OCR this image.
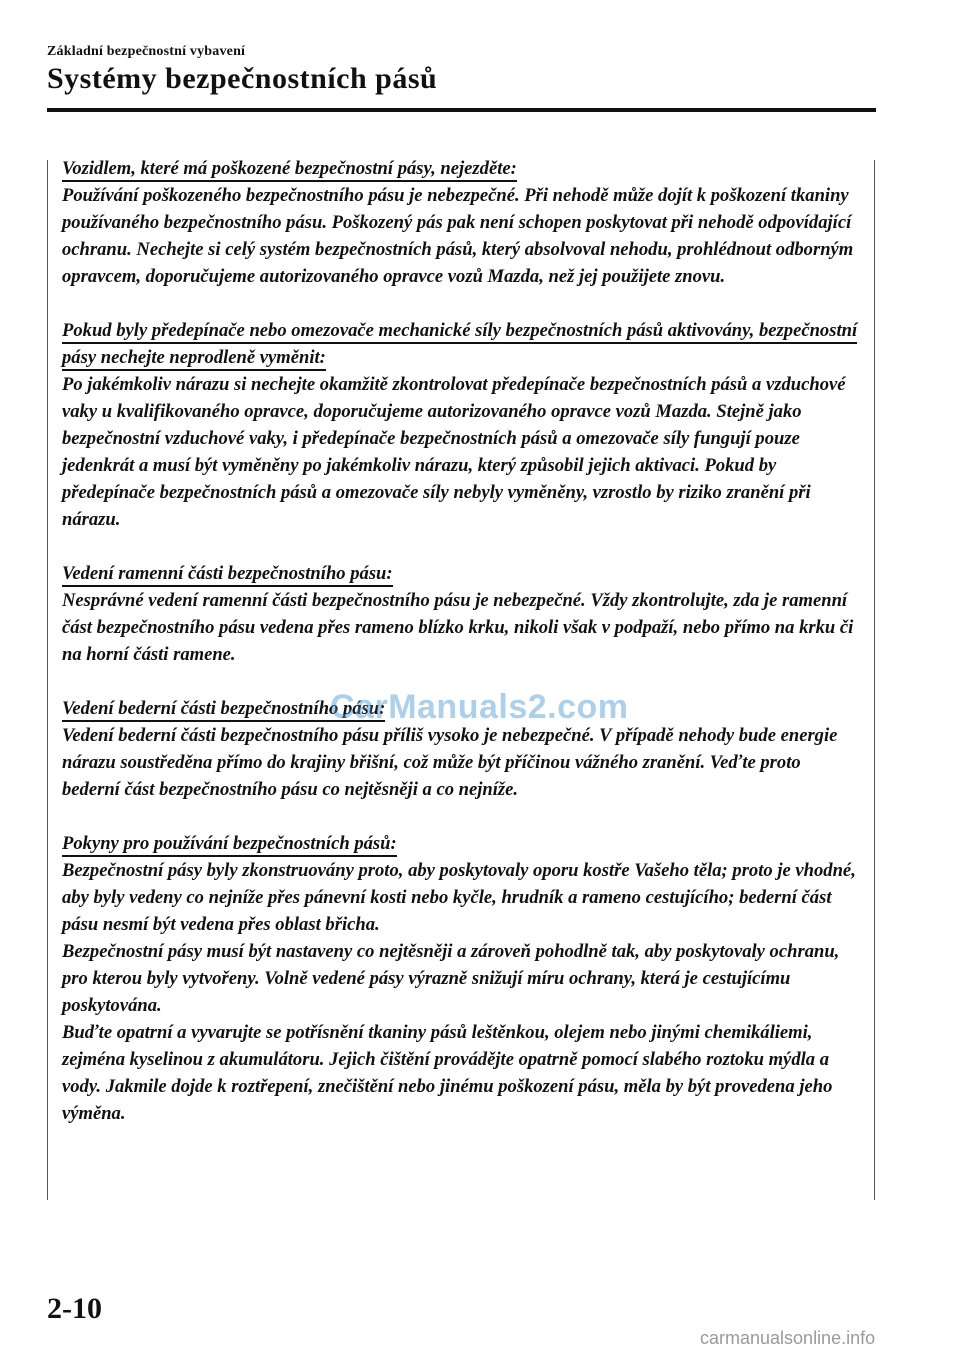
Základní bezpečnostní vybavení
Systémy bezpečnostních pásů
Vozidlem, které má poškozené bezpečnostní pásy, nejezděte:
Používání poškozeného bezpečnostního pásu je nebezpečné. Při nehodě může dojít k poškození tkaniny používaného bezpečnostního pásu. Poškozený pás pak není schopen poskytovat při nehodě odpovídající ochranu. Nechejte si celý systém bezpečnostních pásů, který absolvoval nehodu, prohlédnout odborným opravcem, doporučujeme autorizovaného opravce vozů Mazda, než jej použijete znovu.
Pokud byly předepínače nebo omezovače mechanické síly bezpečnostních pásů aktivovány, bezpečnostní pásy nechejte neprodleně vyměnit:
Po jakémkoliv nárazu si nechejte okamžitě zkontrolovat předepínače bezpečnostních pásů a vzduchové vaky u kvalifikovaného opravce, doporučujeme autorizovaného opravce vozů Mazda. Stejně jako bezpečnostní vzduchové vaky, i předepínače bezpečnostních pásů a omezovače síly fungují pouze jedenkrát a musí být vyměněny po jakémkoliv nárazu, který způsobil jejich aktivaci. Pokud by předepínače bezpečnostních pásů a omezovače síly nebyly vyměněny, vzrostlo by riziko zranění při nárazu.
Vedení ramenní části bezpečnostního pásu:
Nesprávné vedení ramenní části bezpečnostního pásu je nebezpečné. Vždy zkontrolujte, zda je ramenní část bezpečnostního pásu vedena přes rameno blízko krku, nikoli však v podpaží, nebo přímo na krku či na horní části ramene.
Vedení bederní části bezpečnostního pásu:
Vedení bederní části bezpečnostního pásu příliš vysoko je nebezpečné. V případě nehody bude energie nárazu soustředěna přímo do krajiny břišní, což může být příčinou vážného zranění. Veďte proto bederní část bezpečnostního pásu co nejtěsněji a co nejníže.
Pokyny pro používání bezpečnostních pásů:
Bezpečnostní pásy byly zkonstruovány proto, aby poskytovaly oporu kostře Vašeho těla; proto je vhodné, aby byly vedeny co nejníže přes pánevní kosti nebo kyčle, hrudník a rameno cestujícího; bederní část pásu nesmí být vedena přes oblast břicha.
Bezpečnostní pásy musí být nastaveny co nejtěsněji a zároveň pohodlně tak, aby poskytovaly ochranu, pro kterou byly vytvořeny. Volně vedené pásy výrazně snižují míru ochrany, která je cestujícímu poskytována.
Buďte opatrní a vyvarujte se potřísnění tkaniny pásů leštěnkou, olejem nebo jinými chemikáliemi, zejména kyselinou z akumulátoru. Jejich čištění provádějte opatrně pomocí slabého roztoku mýdla a vody. Jakmile dojde k roztřepení, znečištění nebo jinému poškození pásu, měla by být provedena jeho výměna.
CarManuals2.com
2-10
carmanualsonline.info
